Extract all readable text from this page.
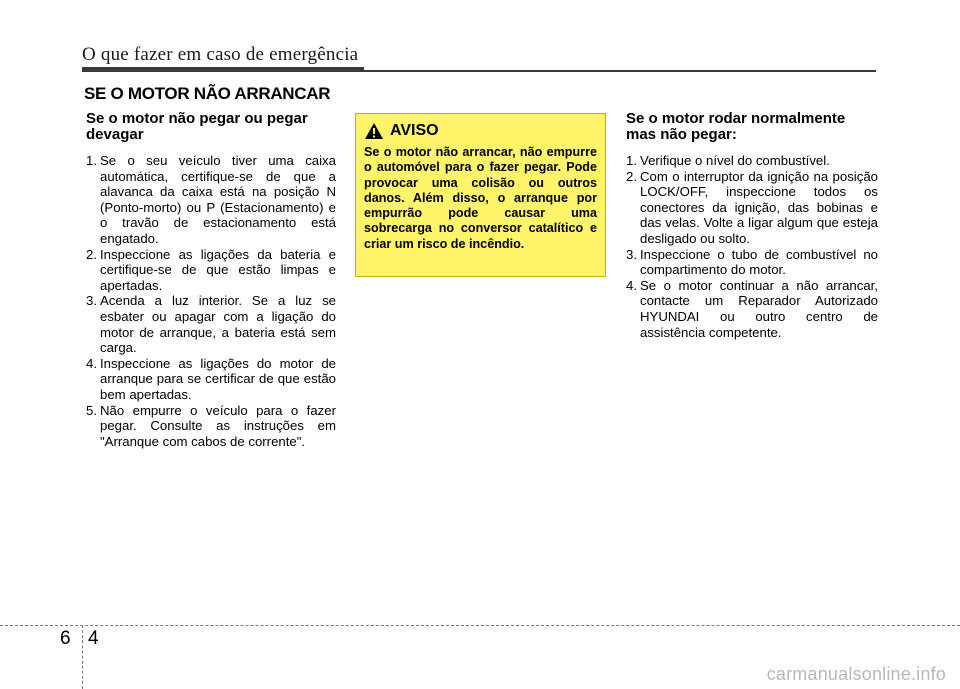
O que fazer em caso de emergência
SE O MOTOR NÃO ARRANCAR
Se o motor não pegar ou pegar devagar
1. Se o seu veículo tiver uma caixa automática, certifique-se de que a alavanca da caixa está na posição N (Ponto-morto) ou P (Estacionamento) e o travão de estacionamento está engatado.
2. Inspeccione as ligações da bateria e certifique-se de que estão limpas e apertadas.
3. Acenda a luz interior. Se a luz se esbater ou apagar com a ligação do motor de arranque, a bateria está sem carga.
4. Inspeccione as ligações do motor de arranque para se certificar de que estão bem apertadas.
5. Não empurre o veículo para o fazer pegar. Consulte as instruções em "Arranque com cabos de corrente".
AVISO
Se o motor não arrancar, não empurre o automóvel para o fazer pegar. Pode provocar uma colisão ou outros danos. Além disso, o arranque por empurrão pode causar uma sobrecarga no conversor catalítico e criar um risco de incêndio.
Se o motor rodar normalmente mas não pegar:
1. Verifique o nível do combustível.
2. Com o interruptor da ignição na posição LOCK/OFF, inspeccione todos os conectores da ignição, das bobinas e das velas. Volte a ligar algum que esteja desligado ou solto.
3. Inspeccione o tubo de combustível no compartimento do motor.
4. Se o motor continuar a não arrancar, contacte um Reparador Autorizado HYUNDAI ou outro centro de assistência competente.
6 4
carmanualsonline.info
